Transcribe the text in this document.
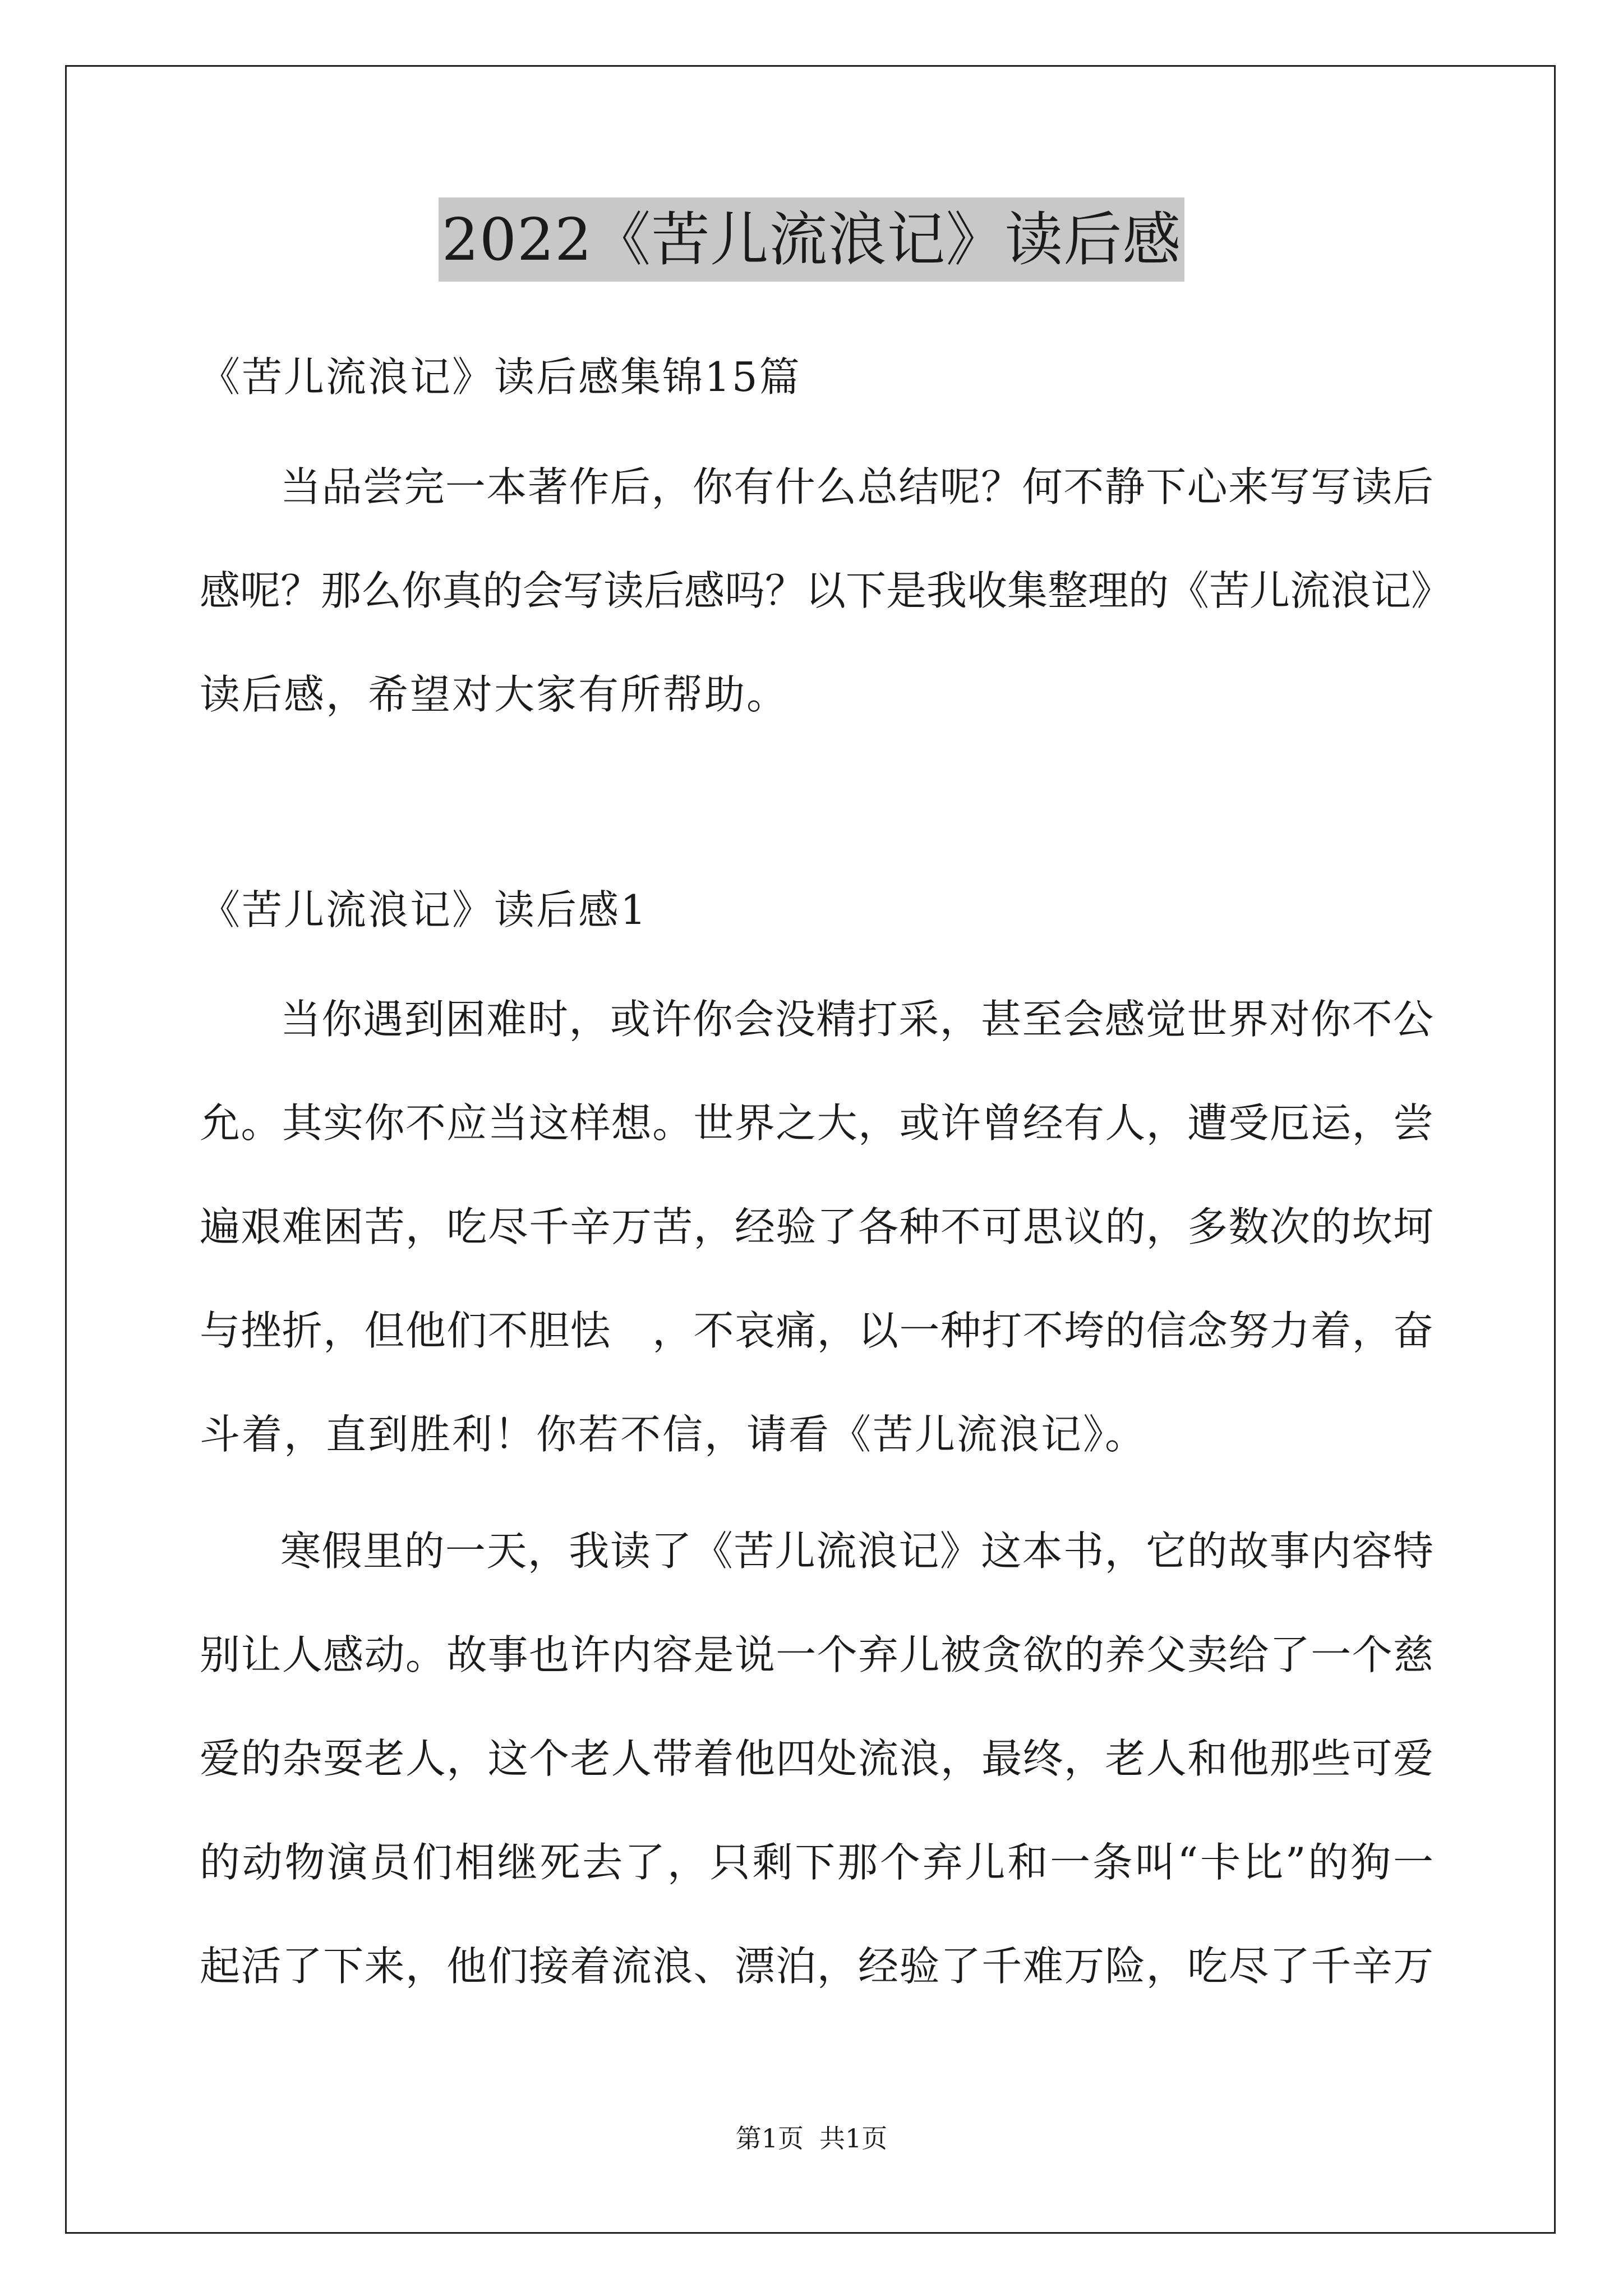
2022《苦儿流浪记》读后感
《苦儿流浪记》读后感集锦15篇
当品尝完一本著作后，你有什么总结呢？何不静下心来写写读后
感呢？那么你真的会写读后感吗？以下是我收集整理的《苦儿流浪记》
读后感，希望对大家有所帮助。
《苦儿流浪记》读后感1
当你遇到困难时，或许你会没精打采，甚至会感觉世界对你不公
允。其实你不应当这样想。世界之大，或许曾经有人，遭受厄运，尝
遍艰难困苦，吃尽千辛万苦，经验了各种不可思议的，多数次的坎坷
与挫折，但他们不胆怯　，不哀痛，以一种打不垮的信念努力着，奋
斗着，直到胜利！你若不信，请看《苦儿流浪记》。
寒假里的一天，我读了《苦儿流浪记》这本书，它的故事内容特
别让人感动。故事也许内容是说一个弃儿被贪欲的养父卖给了一个慈
爱的杂耍老人，这个老人带着他四处流浪，最终，老人和他那些可爱
的动物演员们相继死去了，只剩下那个弃儿和一条叫“卡比”的狗一
起活了下来，他们接着流浪、漂泊，经验了千难万险，吃尽了千辛万
第1页 共1页
